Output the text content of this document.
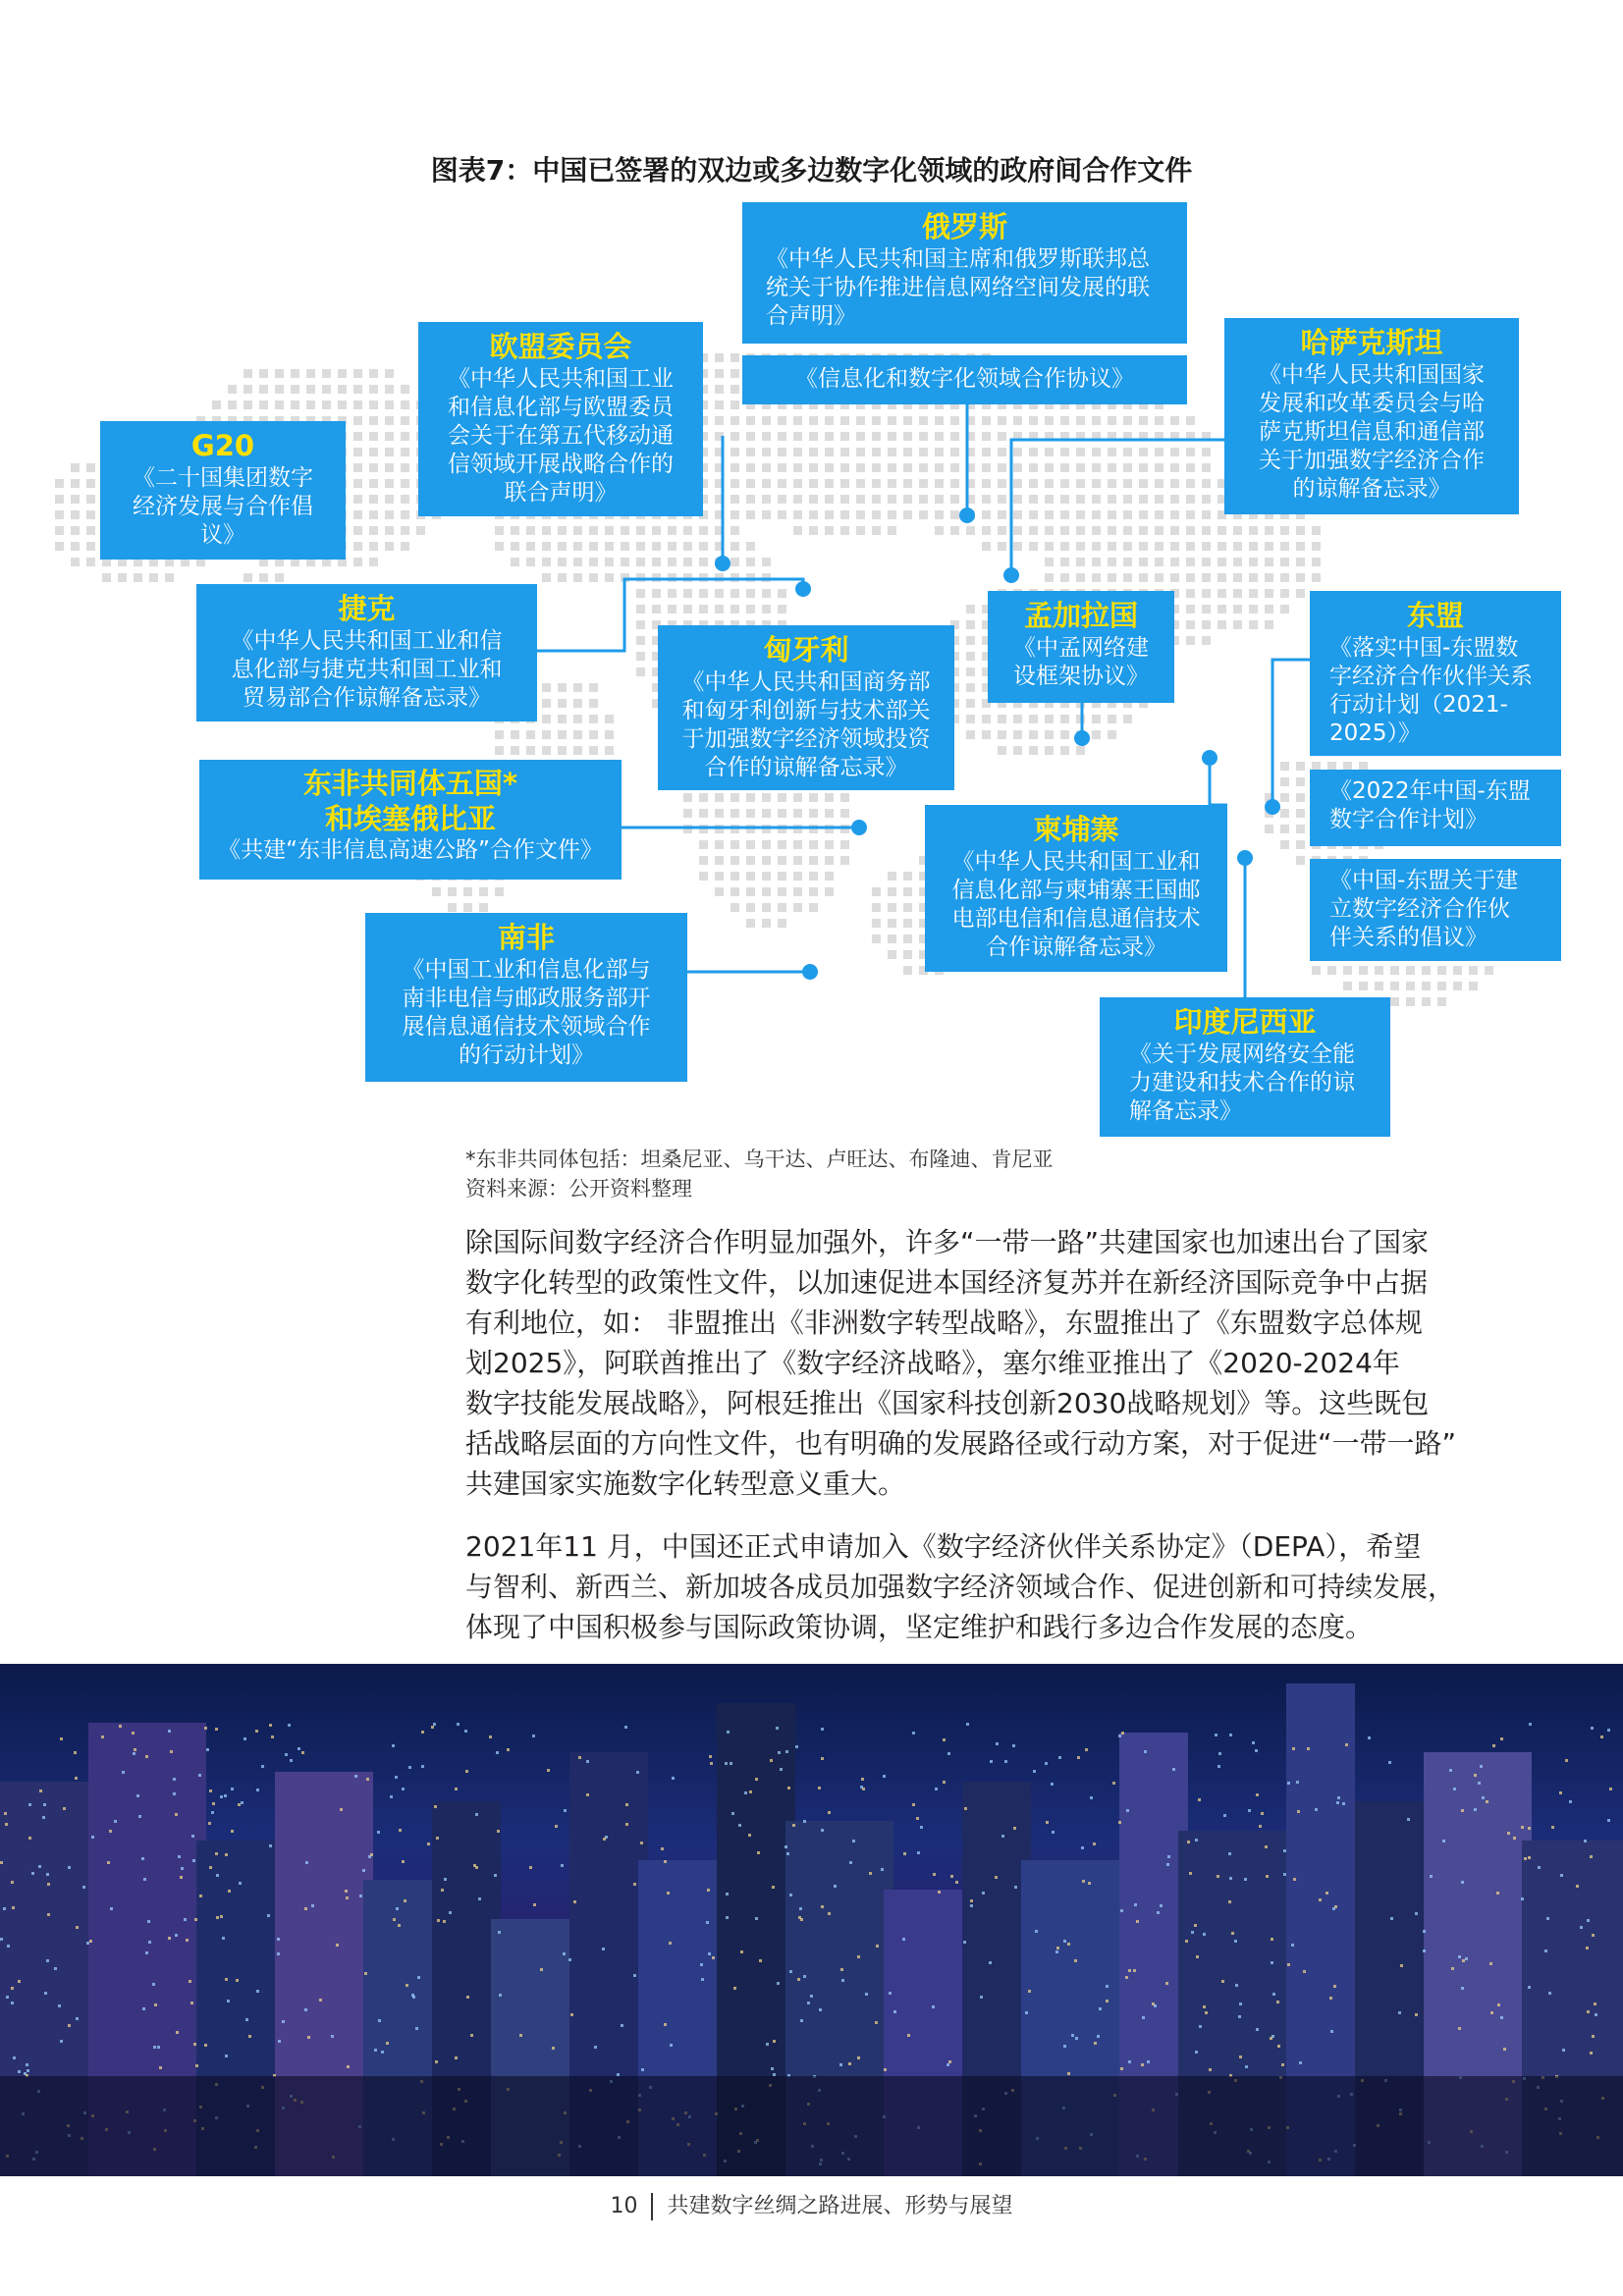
图表7：中国已签署的双边或多边数字化领域的政府间合作文件
俄罗斯
《中华人民共和国主席和俄罗斯联邦总
统关于协作推进信息网络空间发展的联
合声明》
《信息化和数字化领域合作协议》
欧盟委员会
《中华人民共和国工业
和信息化部与欧盟委员
会关于在第五代移动通
信领域开展战略合作的
联合声明》
哈萨克斯坦
《中华人民共和国国家
发展和改革委员会与哈
萨克斯坦信息和通信部
关于加强数字经济合作
的谅解备忘录》
G20
《二十国集团数字
经济发展与合作倡
议》
捷克
《中华人民共和国工业和信
息化部与捷克共和国工业和
贸易部合作谅解备忘录》
匈牙利
《中华人民共和国商务部
和匈牙利创新与技术部关
于加强数字经济领域投资
合作的谅解备忘录》
孟加拉国
《中孟网络建
设框架协议》
东盟
《落实中国-东盟数
字经济合作伙伴关系
行动计划（2021-
2025）》
《2022年中国-东盟
数字合作计划》
《中国-东盟关于建
立数字经济合作伙
伴关系的倡议》
东非共同体五国*
和埃塞俄比亚
《共建“东非信息高速公路”合作文件》
柬埔寨
《中华人民共和国工业和
信息化部与柬埔寨王国邮
电部电信和信息通信技术
合作谅解备忘录》
南非
《中国工业和信息化部与
南非电信与邮政服务部开
展信息通信技术领域合作
的行动计划》
印度尼西亚
《关于发展网络安全能
力建设和技术合作的谅
解备忘录》
*东非共同体包括：坦桑尼亚、乌干达、卢旺达、布隆迪、肯尼亚
资料来源：公开资料整理

除国际间数字经济合作明显加强外，许多“一带一路”共建国家也加速出台了国家
数字化转型的政策性文件，以加速促进本国经济复苏并在新经济国际竞争中占据
有利地位，如： 非盟推出《非洲数字转型战略》，东盟推出了《东盟数字总体规
划2025》，阿联酋推出了《数字经济战略》，塞尔维亚推出了《2020-2024年
数字技能发展战略》，阿根廷推出《国家科技创新2030战略规划》等。这些既包
括战略层面的方向性文件，也有明确的发展路径或行动方案，对于促进“一带一路”
共建国家实施数字化转型意义重大。

2021年11 月，中国还正式申请加入《数字经济伙伴关系协定》（DEPA），希望
与智利、新西兰、新加坡各成员加强数字经济领域合作、促进创新和可持续发展，
体现了中国积极参与国际政策协调，坚定维护和践行多边合作发展的态度。

10 共建数字丝绸之路进展、形势与展望
